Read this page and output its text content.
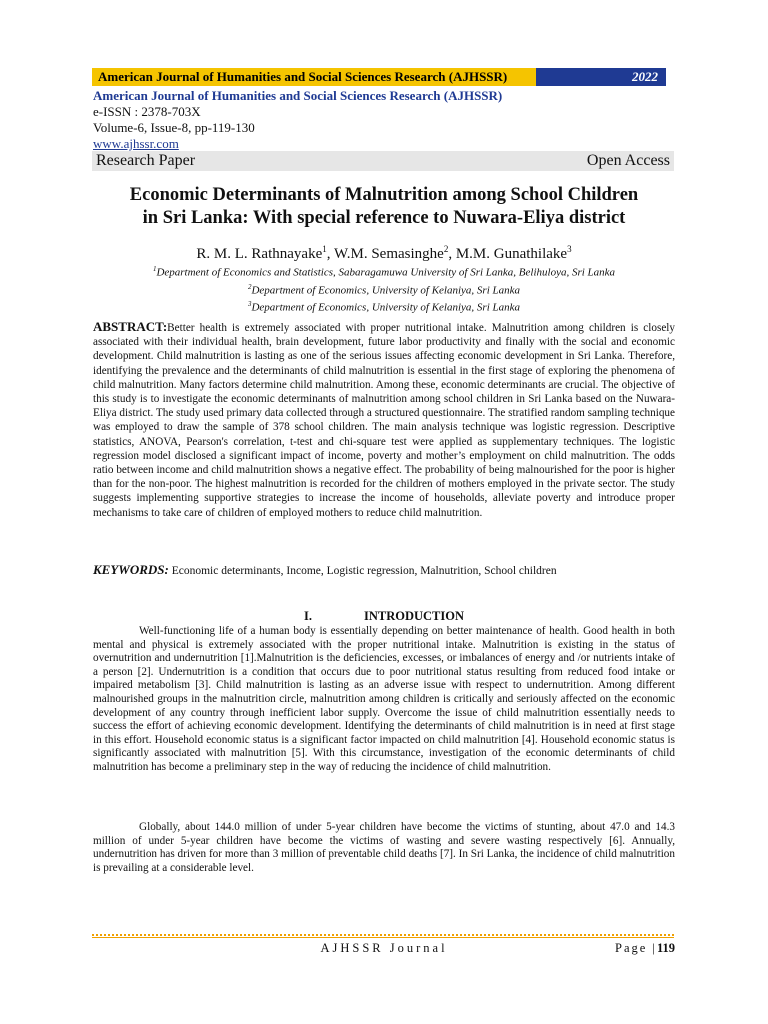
American Journal of Humanities and Social Sciences Research (AJHSSR)	2022
American Journal of Humanities and Social Sciences Research (AJHSSR)
e-ISSN : 2378-703X
Volume-6, Issue-8, pp-119-130
www.ajhssr.com
Research Paper	Open Access
Economic Determinants of Malnutrition among School Children
in Sri Lanka: With special reference to Nuwara-Eliya district
R. M. L. Rathnayake$^1$, W.M. Semasinghe$^2$, M.M. Gunathilake$^3$
$^1$Department of Economics and Statistics, Sabaragamuwa University of Sri Lanka, Belihuloya, Sri Lanka
$^2$Department of Economics, University of Kelaniya, Sri Lanka
$^3$Department of Economics, University of Kelaniya, Sri Lanka
ABSTRACT:Better health is extremely associated with proper nutritional intake. Malnutrition among children is closely associated with their individual health, brain development, future labor productivity and finally with the social and economic development. Child malnutrition is lasting as one of the serious issues affecting economic development in Sri Lanka. Therefore, identifying the prevalence and the determinants of child malnutrition is essential in the first stage of exploring the phenomena of child malnutrition. Many factors determine child malnutrition. Among these, economic determinants are crucial. The objective of this study is to investigate the economic determinants of malnutrition among school children in Sri Lanka based on the Nuwara-Eliya district. The study used primary data collected through a structured questionnaire. The stratified random sampling technique was employed to draw the sample of 378 school children. The main analysis technique was logistic regression. Descriptive statistics, ANOVA, Pearson's correlation, t-test and chi-square test were applied as supplementary techniques. The logistic regression model disclosed a significant impact of income, poverty and mother’s employment on child malnutrition. The odds ratio between income and child malnutrition shows a negative effect. The probability of being malnourished for the poor is higher than for the non-poor. The highest malnutrition is recorded for the children of mothers employed in the private sector. The study suggests implementing supportive strategies to increase the income of households, alleviate poverty and introduce proper mechanisms to take care of children of employed mothers to reduce child malnutrition.
KEYWORDS: Economic determinants, Income, Logistic regression, Malnutrition, School children
I.	INTRODUCTION
Well-functioning life of a human body is essentially depending on better maintenance of health. Good health in both mental and physical is extremely associated with the proper nutritional intake. Malnutrition is existing in the status of overnutrition and undernutrition [1].Malnutrition is the deficiencies, excesses, or imbalances of energy and /or nutrients intake of a person [2]. Undernutrition is a condition that occurs due to poor nutritional status resulting from reduced food intake or impaired metabolism [3]. Child malnutrition is lasting as an adverse issue with respect to undernutrition. Among different malnourished groups in the malnutrition circle, malnutrition among children is critically and seriously affected on the economic development of any country through inefficient labor supply. Overcome the issue of child malnutrition essentially needs to success the effort of achieving economic development. Identifying the determinants of child malnutrition is in need at first stage in this effort. Household economic status is a significant factor impacted on child malnutrition [4]. Household economic status is significantly associated with malnutrition [5]. With this circumstance, investigation of the economic determinants of child malnutrition has become a preliminary step in the way of reducing the incidence of child malnutrition.
Globally, about 144.0 million of under 5-year children have become the victims of stunting, about 47.0 and 14.3 million of under 5-year children have become the victims of wasting and severe wasting respectively [6]. Annually, undernutrition has driven for more than 3 million of preventable child deaths [7]. In Sri Lanka, the incidence of child malnutrition is prevailing at a considerable level.
AJHSSR Journal	Page |119
